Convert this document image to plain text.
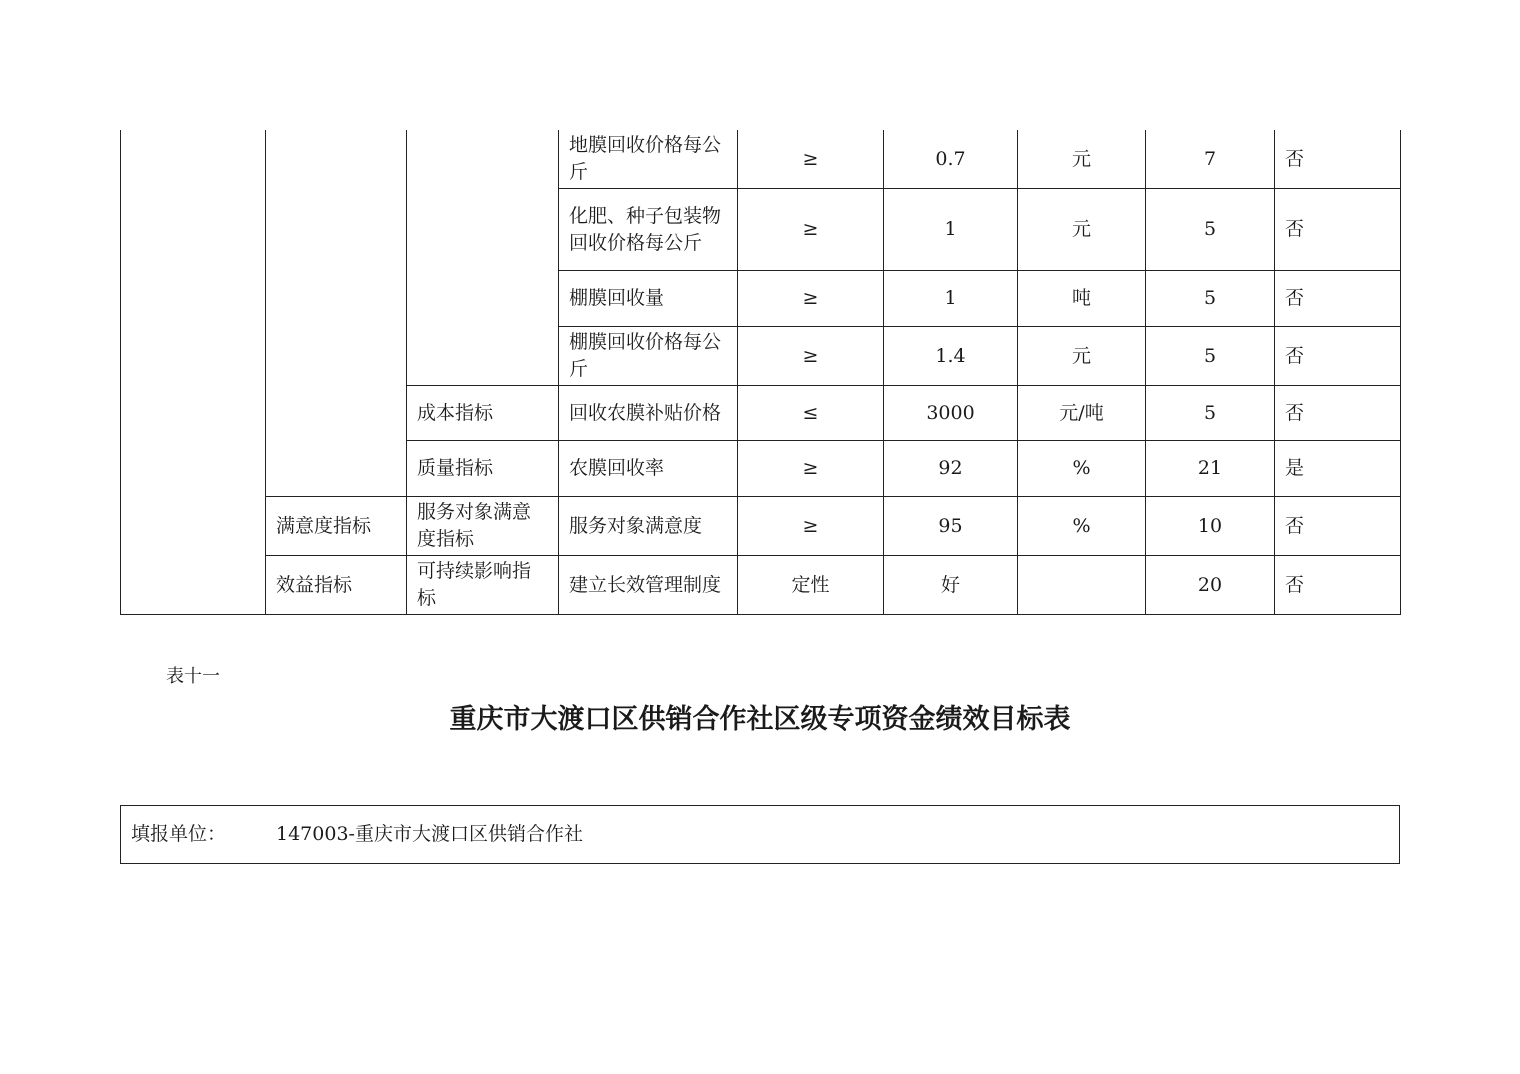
			地膜回收价格每公斤	≥	0.7	元	7	否
			化肥、种子包装物回收价格每公斤	≥	1	元	5	否
			棚膜回收量	≥	1	吨	5	否
			棚膜回收价格每公斤	≥	1.4	元	5	否
		成本指标	回收农膜补贴价格	≤	3000	元/吨	5	否
		质量指标	农膜回收率	≥	92	%	21	是
	满意度指标	服务对象满意度指标	服务对象满意度	≥	95	%	10	否
	效益指标	可持续影响指标	建立长效管理制度	定性	好		20	否
表十一
重庆市大渡口区供销合作社区级专项资金绩效目标表
填报单位：	147003-重庆市大渡口区供销合作社
